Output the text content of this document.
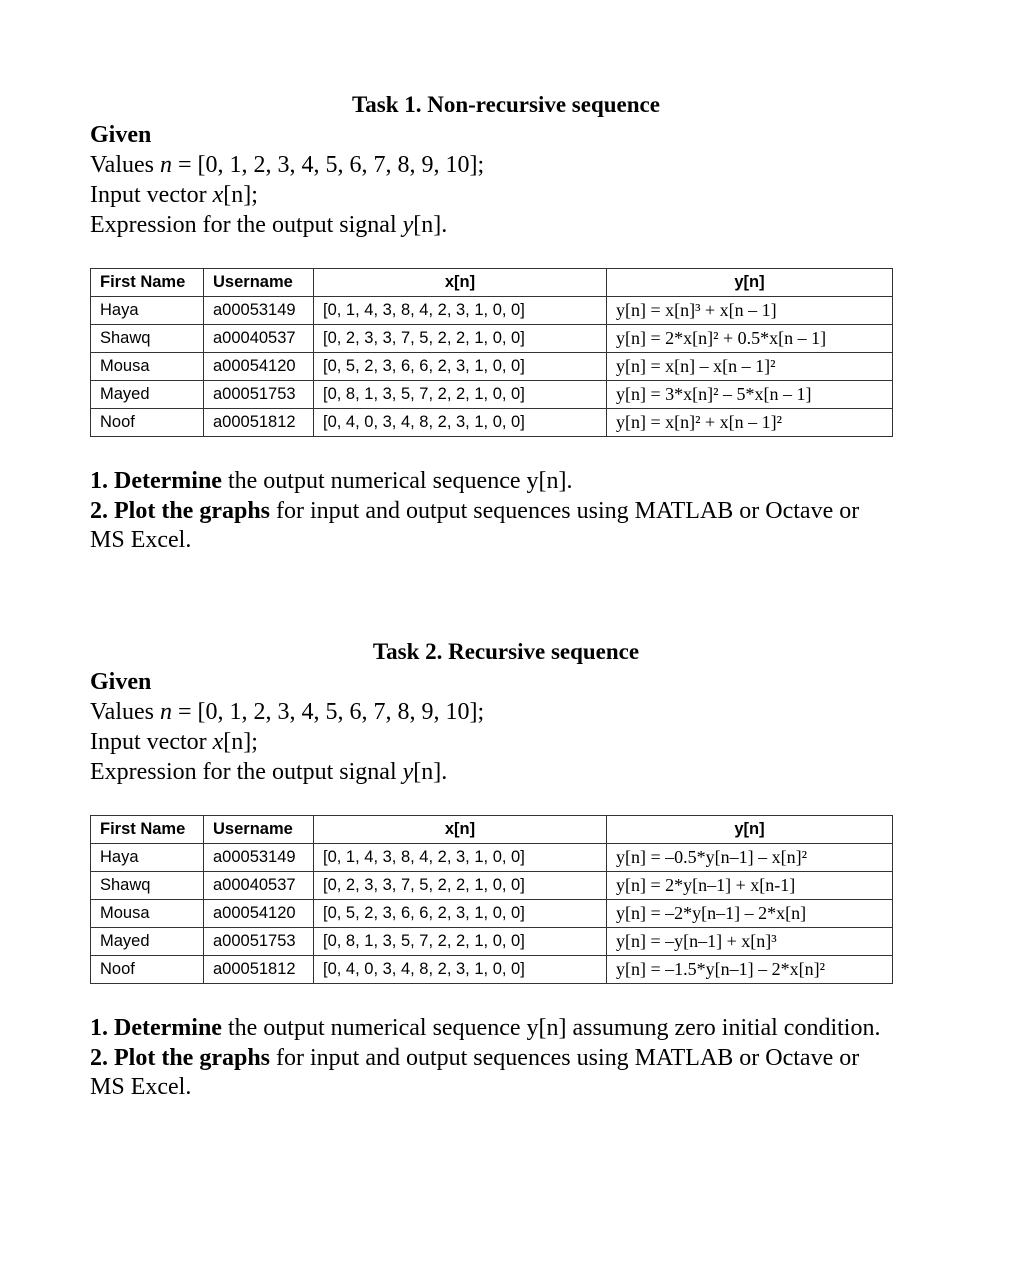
Task 1. Non-recursive sequence
Given
Values n = [0, 1, 2, 3, 4, 5, 6, 7, 8, 9, 10];
Input vector x[n];
Expression for the output signal y[n].
First Name	Username	x[n]	y[n]
Haya	a00053149	[0, 1, 4, 3, 8, 4, 2, 3, 1, 0, 0]	y[n] = x[n]³ + x[n – 1]
Shawq	a00040537	[0, 2, 3, 3, 7, 5, 2, 2, 1, 0, 0]	y[n] = 2*x[n]² + 0.5*x[n – 1]
Mousa	a00054120	[0, 5, 2, 3, 6, 6, 2, 3, 1, 0, 0]	y[n] = x[n] – x[n – 1]²
Mayed	a00051753	[0, 8, 1, 3, 5, 7, 2, 2, 1, 0, 0]	y[n] = 3*x[n]² – 5*x[n – 1]
Noof	a00051812	[0, 4, 0, 3, 4, 8, 2, 3, 1, 0, 0]	y[n] = x[n]² + x[n – 1]²

1. Determine the output numerical sequence y[n].

2. Plot the graphs for input and output sequences using MATLAB or Octave or

MS Excel.

Task 2. Recursive sequence
Given
Values n = [0, 1, 2, 3, 4, 5, 6, 7, 8, 9, 10];
Input vector x[n];
Expression for the output signal y[n].
First Name	Username	x[n]	y[n]
Haya	a00053149	[0, 1, 4, 3, 8, 4, 2, 3, 1, 0, 0]	y[n] = –0.5*y[n–1] – x[n]²
Shawq	a00040537	[0, 2, 3, 3, 7, 5, 2, 2, 1, 0, 0]	y[n] = 2*y[n–1] + x[n-1]
Mousa	a00054120	[0, 5, 2, 3, 6, 6, 2, 3, 1, 0, 0]	y[n] = –2*y[n–1] – 2*x[n]
Mayed	a00051753	[0, 8, 1, 3, 5, 7, 2, 2, 1, 0, 0]	y[n] = –y[n–1] + x[n]³
Noof	a00051812	[0, 4, 0, 3, 4, 8, 2, 3, 1, 0, 0]	y[n] = –1.5*y[n–1] – 2*x[n]²

1. Determine the output numerical sequence y[n] assumung zero initial condition.

2. Plot the graphs for input and output sequences using MATLAB or Octave or

MS Excel.
